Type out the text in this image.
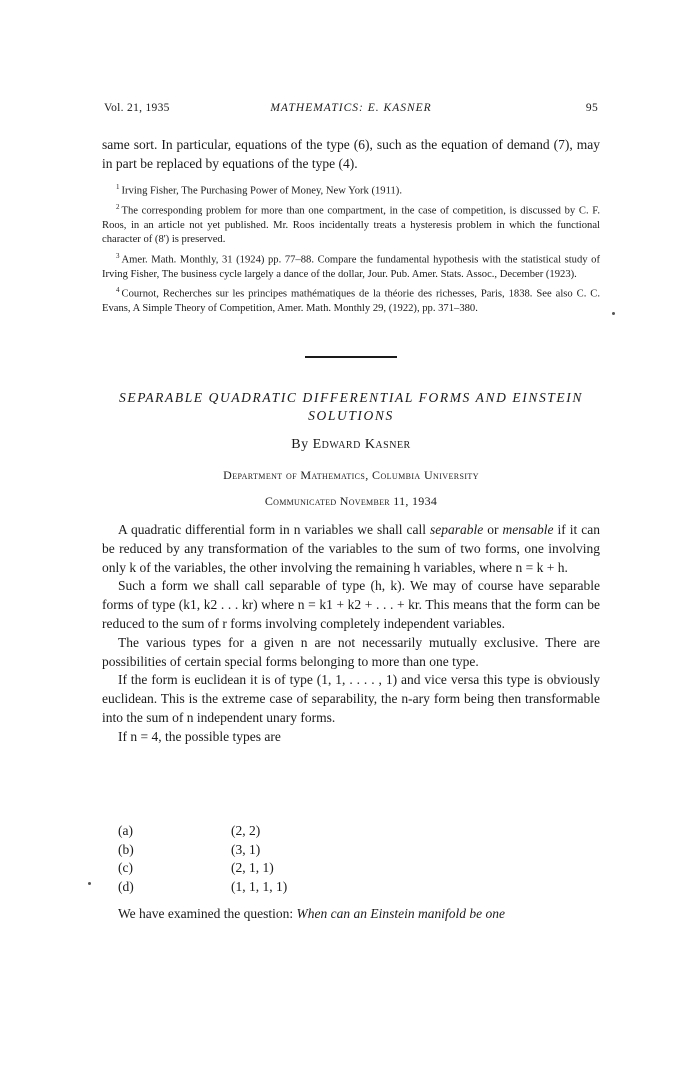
Vol. 21, 1935	MATHEMATICS: E. KASNER	95
same sort. In particular, equations of the type (6), such as the equation of demand (7), may in part be replaced by equations of the type (4).

$^1$ Irving Fisher, The Purchasing Power of Money, New York (1911).

$^2$ The corresponding problem for more than one compartment, in the case of competition, is discussed by C. F. Roos, in an article not yet published. Mr. Roos incidentally treats a hysteresis problem in which the functional character of (8') is preserved.

$^3$ Amer. Math. Monthly, 31 (1924) pp. 77–88. Compare the fundamental hypothesis with the statistical study of Irving Fisher, The business cycle largely a dance of the dollar, Jour. Pub. Amer. Stats. Assoc., December (1923).

$^4$ Cournot, Recherches sur les principes mathématiques de la théorie des richesses, Paris, 1838. See also C. C. Evans, A Simple Theory of Competition, Amer. Math. Monthly 29, (1922), pp. 371–380.

SEPARABLE QUADRATIC DIFFERENTIAL FORMS AND EINSTEIN SOLUTIONS
By Edward Kasner
Department of Mathematics, Columbia University
Communicated November 11, 1934

A quadratic differential form in n variables we shall call separable or mensable if it can be reduced by any transformation of the variables to the sum of two forms, one involving only k of the variables, the other involving the remaining h variables, where n = k + h.

Such a form we shall call separable of type (h, k). We may of course have separable forms of type (k1, k2 . . . kr) where n = k1 + k2 + . . . + kr. This means that the form can be reduced to the sum of r forms involving completely independent variables.

The various types for a given n are not necessarily mutually exclusive. There are possibilities of certain special forms belonging to more than one type.

If the form is euclidean it is of type (1, 1, . . . . , 1) and vice versa this type is obviously euclidean. This is the extreme case of separability, the n-ary form being then transformable into the sum of n independent unary forms.

If n = 4, the possible types are

(a)	(2, 2)
(b)	(3, 1)
(c)	(2, 1, 1)
(d)	(1, 1, 1, 1)
We have examined the question: When can an Einstein manifold be one
